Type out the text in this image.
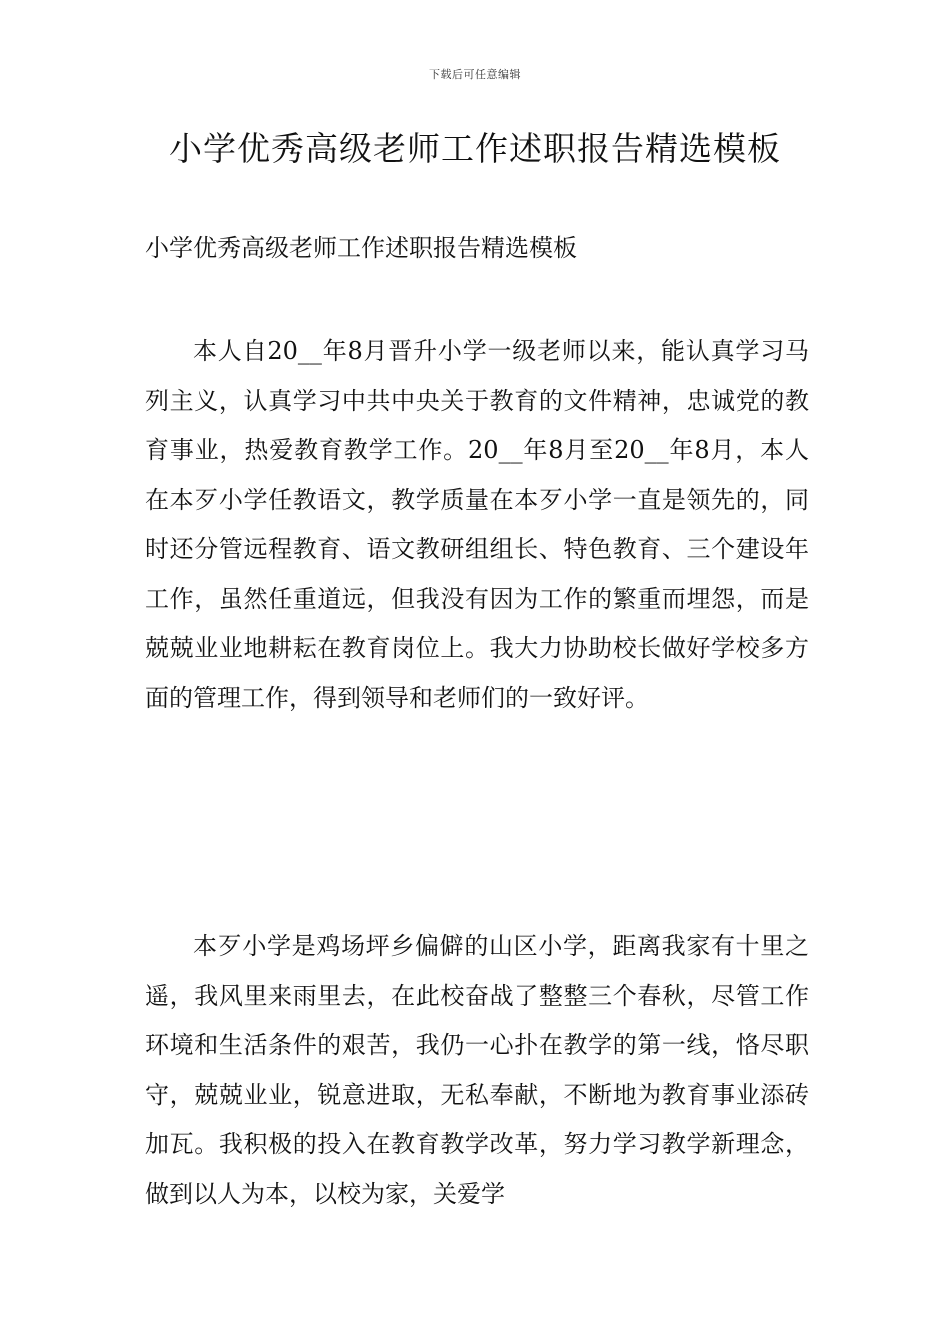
下载后可任意编辑
小学优秀高级老师工作述职报告精选模板

小学优秀高级老师工作述职报告精选模板

本人自20__年8月晋升小学一级老师以来，能认真学习马列主义，认真学习中共中央关于教育的文件精神，忠诚党的教育事业，热爱教育教学工作。20__年8月至20__年8月，本人在本歹小学任教语文，教学质量在本歹小学一直是领先的，同时还分管远程教育、语文教研组组长、特色教育、三个建设年工作，虽然任重道远，但我没有因为工作的繁重而埋怨，而是兢兢业业地耕耘在教育岗位上。我大力协助校长做好学校多方面的管理工作，得到领导和老师们的一致好评。

本歹小学是鸡场坪乡偏僻的山区小学，距离我家有十里之遥，我风里来雨里去，在此校奋战了整整三个春秋，尽管工作环境和生活条件的艰苦，我仍一心扑在教学的第一线，恪尽职守，兢兢业业，锐意进取，无私奉献，不断地为教育事业添砖加瓦。我积极的投入在教育教学改革，努力学习教学新理念，做到以人为本，以校为家，关爱学
